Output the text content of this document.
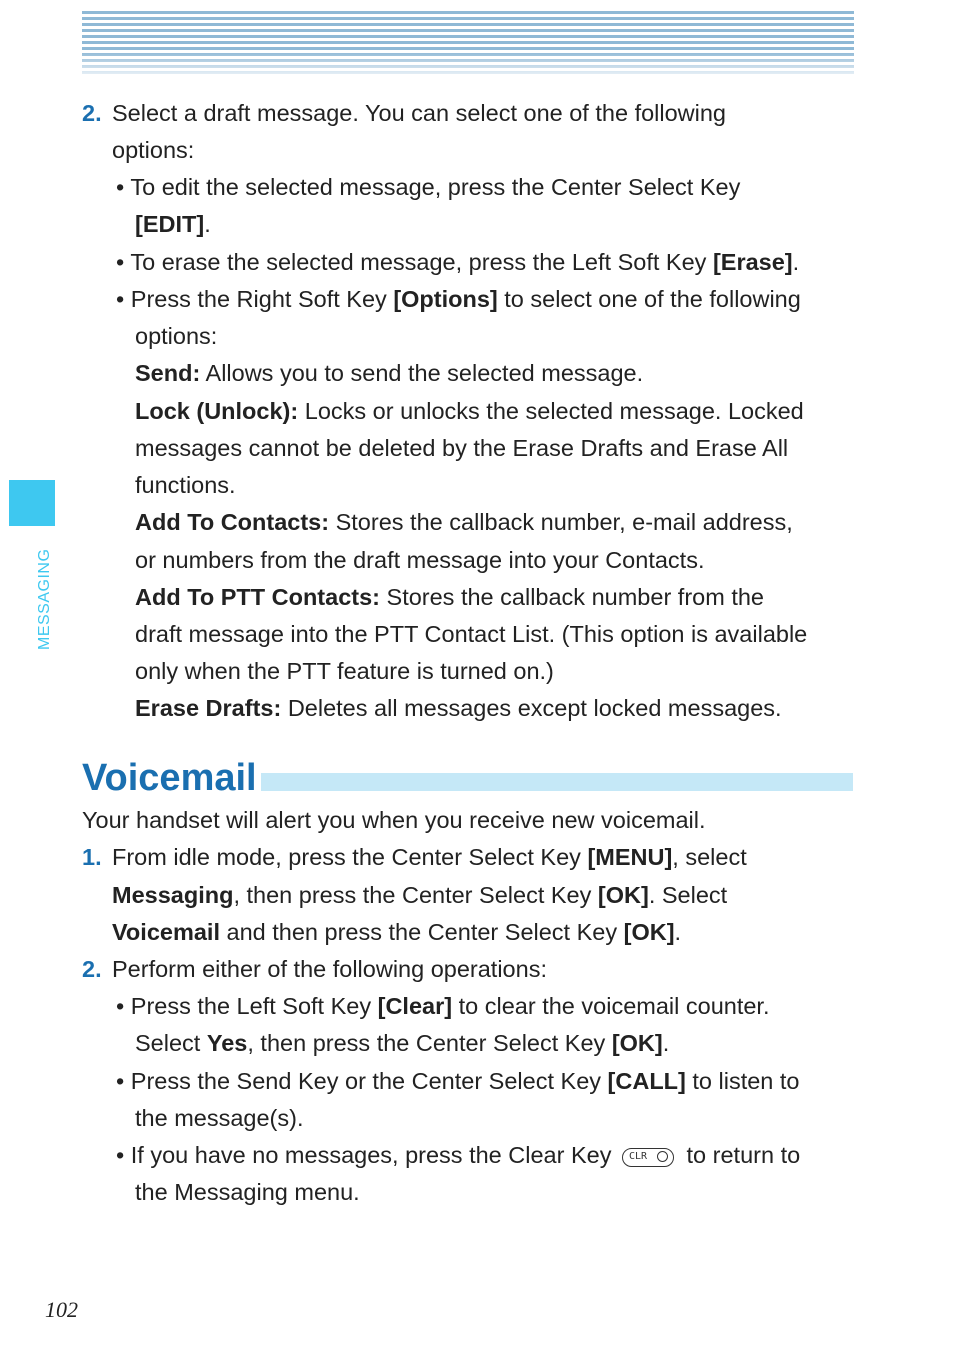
MESSAGING
2. Select a draft message. You can select one of the following
options:
• To edit the selected message, press the Center Select Key
[EDIT].
• To erase the selected message, press the Left Soft Key [Erase].
• Press the Right Soft Key [Options] to select one of the following
options:
Send: Allows you to send the selected message.
Lock (Unlock): Locks or unlocks the selected message. Locked
messages cannot be deleted by the Erase Drafts and Erase All
functions.
Add To Contacts: Stores the callback number, e-mail address,
or numbers from the draft message into your Contacts.
Add To PTT Contacts: Stores the callback number from the
draft message into the PTT Contact List. (This option is available
only when the PTT feature is turned on.)
Erase Drafts: Deletes all messages except locked messages.
Voicemail
Your handset will alert you when you receive new voicemail.
1. From idle mode, press the Center Select Key [MENU], select
Messaging, then press the Center Select Key [OK]. Select
Voicemail and then press the Center Select Key [OK].
2. Perform either of the following operations:
• Press the Left Soft Key [Clear] to clear the voicemail counter.
Select Yes, then press the Center Select Key [OK].
• Press the Send Key or the Center Select Key [CALL] to listen to
the message(s).
• If you have no messages, press the Clear Key CLR to return to
the Messaging menu.
102
